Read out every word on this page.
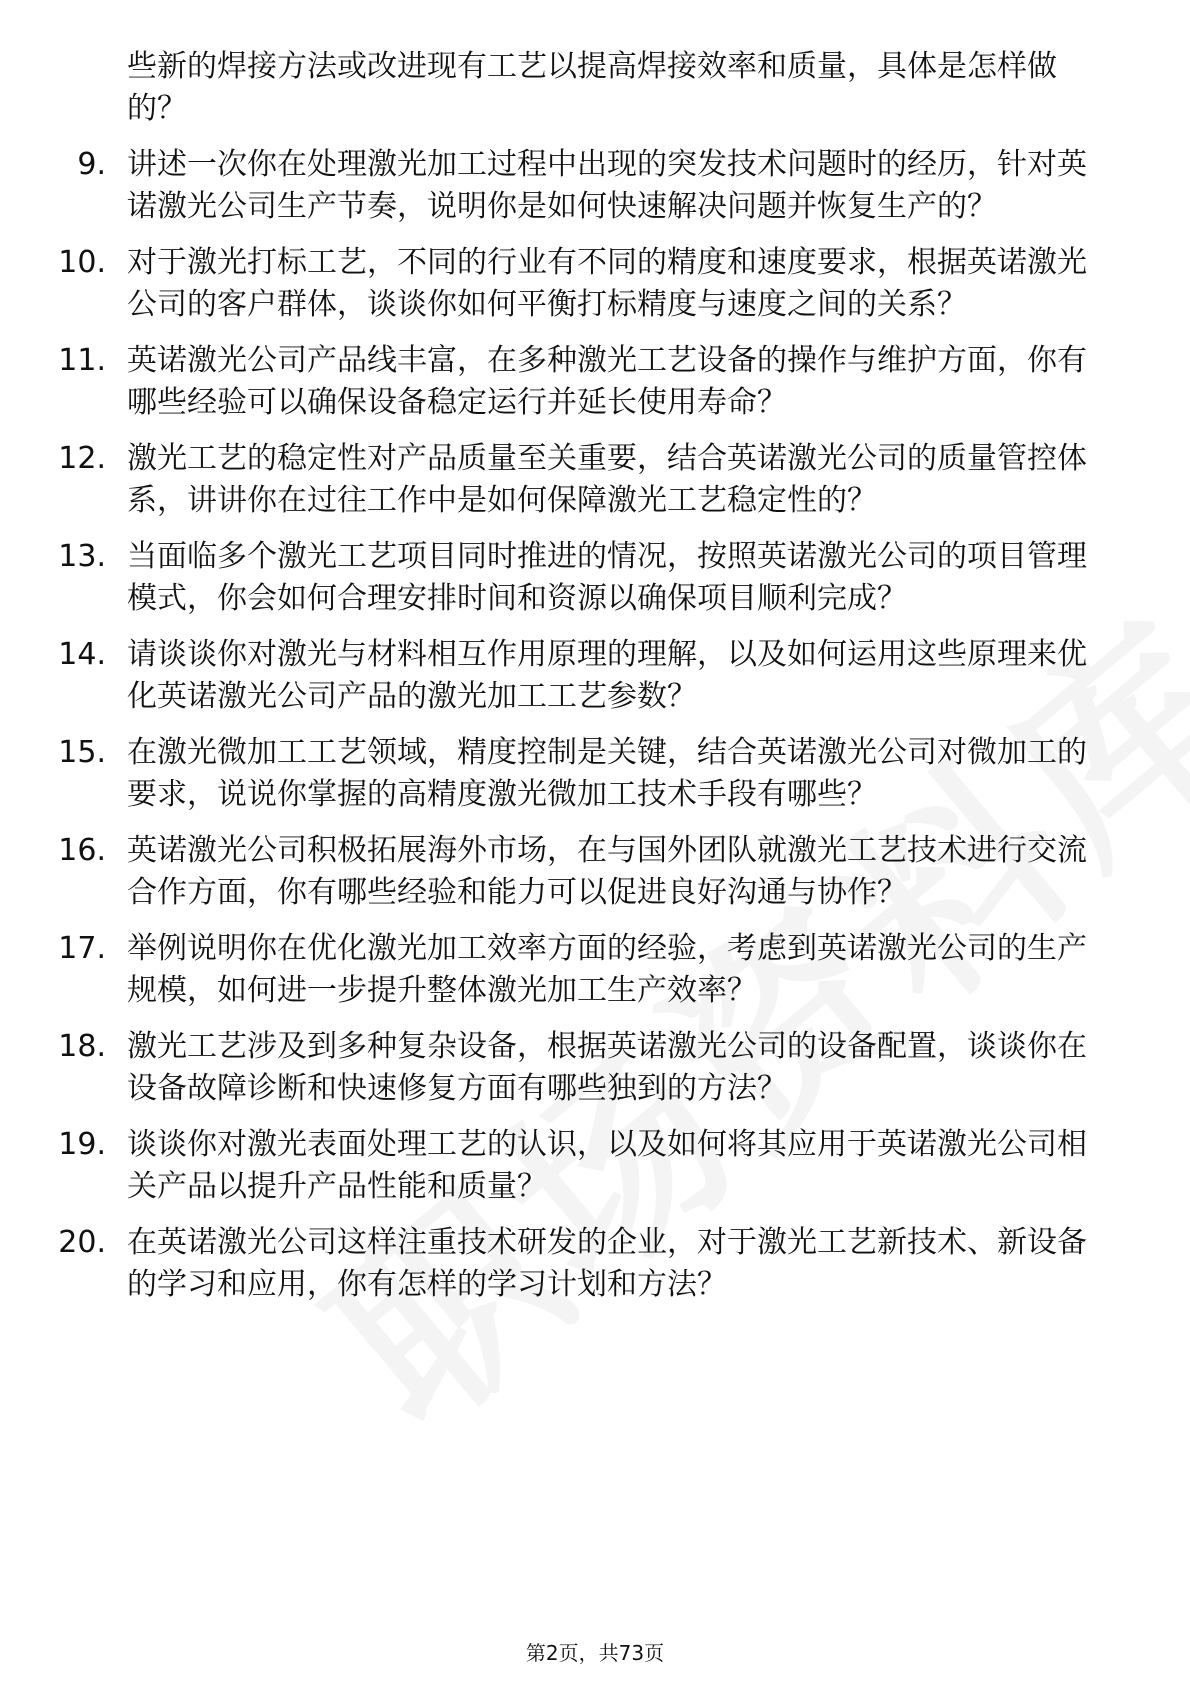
些新的焊接方法或改进现有工艺以提高焊接效率和质量，具体是怎样做的？
9. 讲述一次你在处理激光加工过程中出现的突发技术问题时的经历，针对英诺激光公司生产节奏，说明你是如何快速解决问题并恢复生产的？
10. 对于激光打标工艺，不同的行业有不同的精度和速度要求，根据英诺激光公司的客户群体，谈谈你如何平衡打标精度与速度之间的关系？
11. 英诺激光公司产品线丰富，在多种激光工艺设备的操作与维护方面，你有哪些经验可以确保设备稳定运行并延长使用寿命？
12. 激光工艺的稳定性对产品质量至关重要，结合英诺激光公司的质量管控体系，讲讲你在过往工作中是如何保障激光工艺稳定性的？
13. 当面临多个激光工艺项目同时推进的情况，按照英诺激光公司的项目管理模式，你会如何合理安排时间和资源以确保项目顺利完成？
14. 请谈谈你对激光与材料相互作用原理的理解，以及如何运用这些原理来优化英诺激光公司产品的激光加工工艺参数？
15. 在激光微加工工艺领域，精度控制是关键，结合英诺激光公司对微加工的要求，说说你掌握的高精度激光微加工技术手段有哪些？
16. 英诺激光公司积极拓展海外市场，在与国外团队就激光工艺技术进行交流合作方面，你有哪些经验和能力可以促进良好沟通与协作？
17. 举例说明你在优化激光加工效率方面的经验，考虑到英诺激光公司的生产规模，如何进一步提升整体激光加工生产效率？
18. 激光工艺涉及到多种复杂设备，根据英诺激光公司的设备配置，谈谈你在设备故障诊断和快速修复方面有哪些独到的方法？
19. 谈谈你对激光表面处理工艺的认识，以及如何将其应用于英诺激光公司相关产品以提升产品性能和质量？
20. 在英诺激光公司这样注重技术研发的企业，对于激光工艺新技术、新设备的学习和应用，你有怎样的学习计划和方法？
第2页，共73页
